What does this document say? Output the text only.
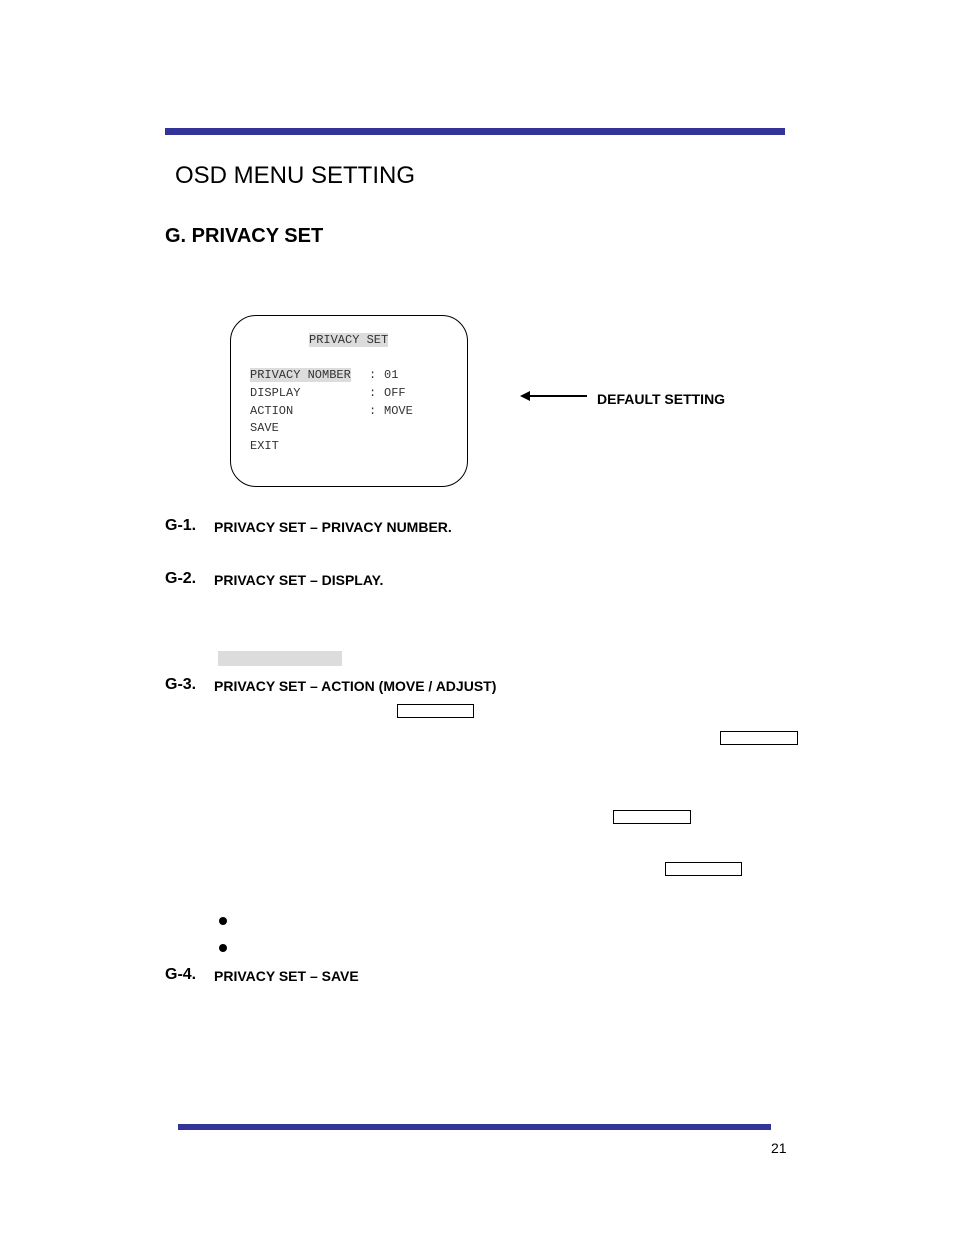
OSD MENU SETTING
G. PRIVACY SET
PRIVACY SET
PRIVACY NOMBER : 01
DISPLAY	: OFF
ACTION	: MOVE
SAVE
EXIT
DEFAULT SETTING
G-1. PRIVACY SET – PRIVACY NUMBER.
G-2. PRIVACY SET – DISPLAY.
G-3. PRIVACY SET – ACTION (MOVE / ADJUST)
G-4. PRIVACY SET – SAVE
21
